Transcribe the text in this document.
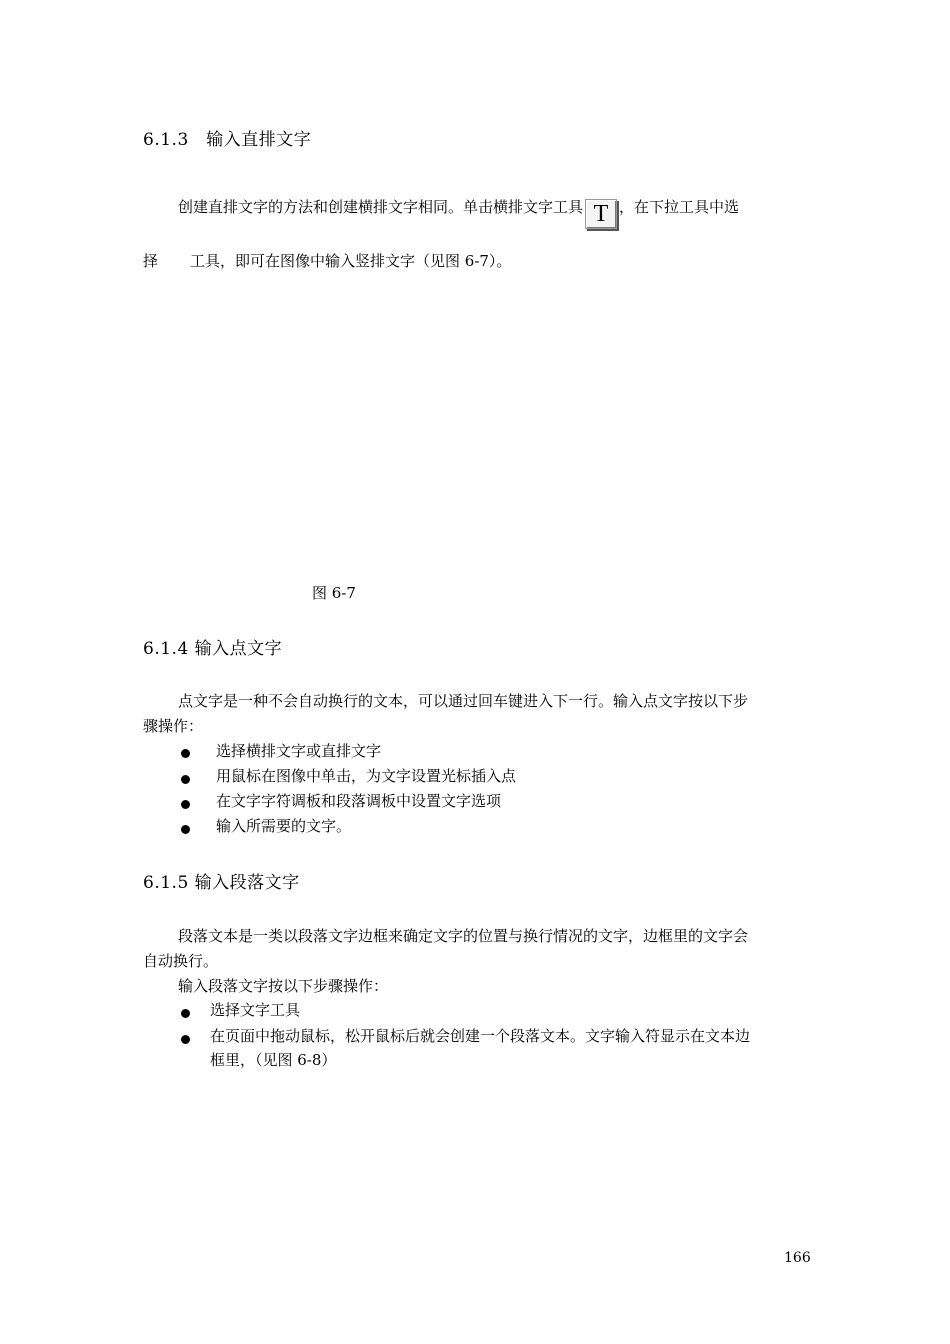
6.1.3　输入直排文字
创建直排文字的方法和创建横排文字相同。单击横排文字工具 T ，在下拉工具中选
择 工具，即可在图像中输入竖排文字（见图 6-7）。
图 6-7
6.1.4 输入点文字
点文字是一种不会自动换行的文本，可以通过回车键进入下一行。输入点文字按以下步
骤操作：
选择横排文字或直排文字
用鼠标在图像中单击，为文字设置光标插入点
在文字字符调板和段落调板中设置文字选项
输入所需要的文字。
6.1.5 输入段落文字
段落文本是一类以段落文字边框来确定文字的位置与换行情况的文字，边框里的文字会
自动换行。
输入段落文字按以下步骤操作：
选择文字工具
在页面中拖动鼠标，松开鼠标后就会创建一个段落文本。文字输入符显示在文本边
框里，（见图 6-8）
166
